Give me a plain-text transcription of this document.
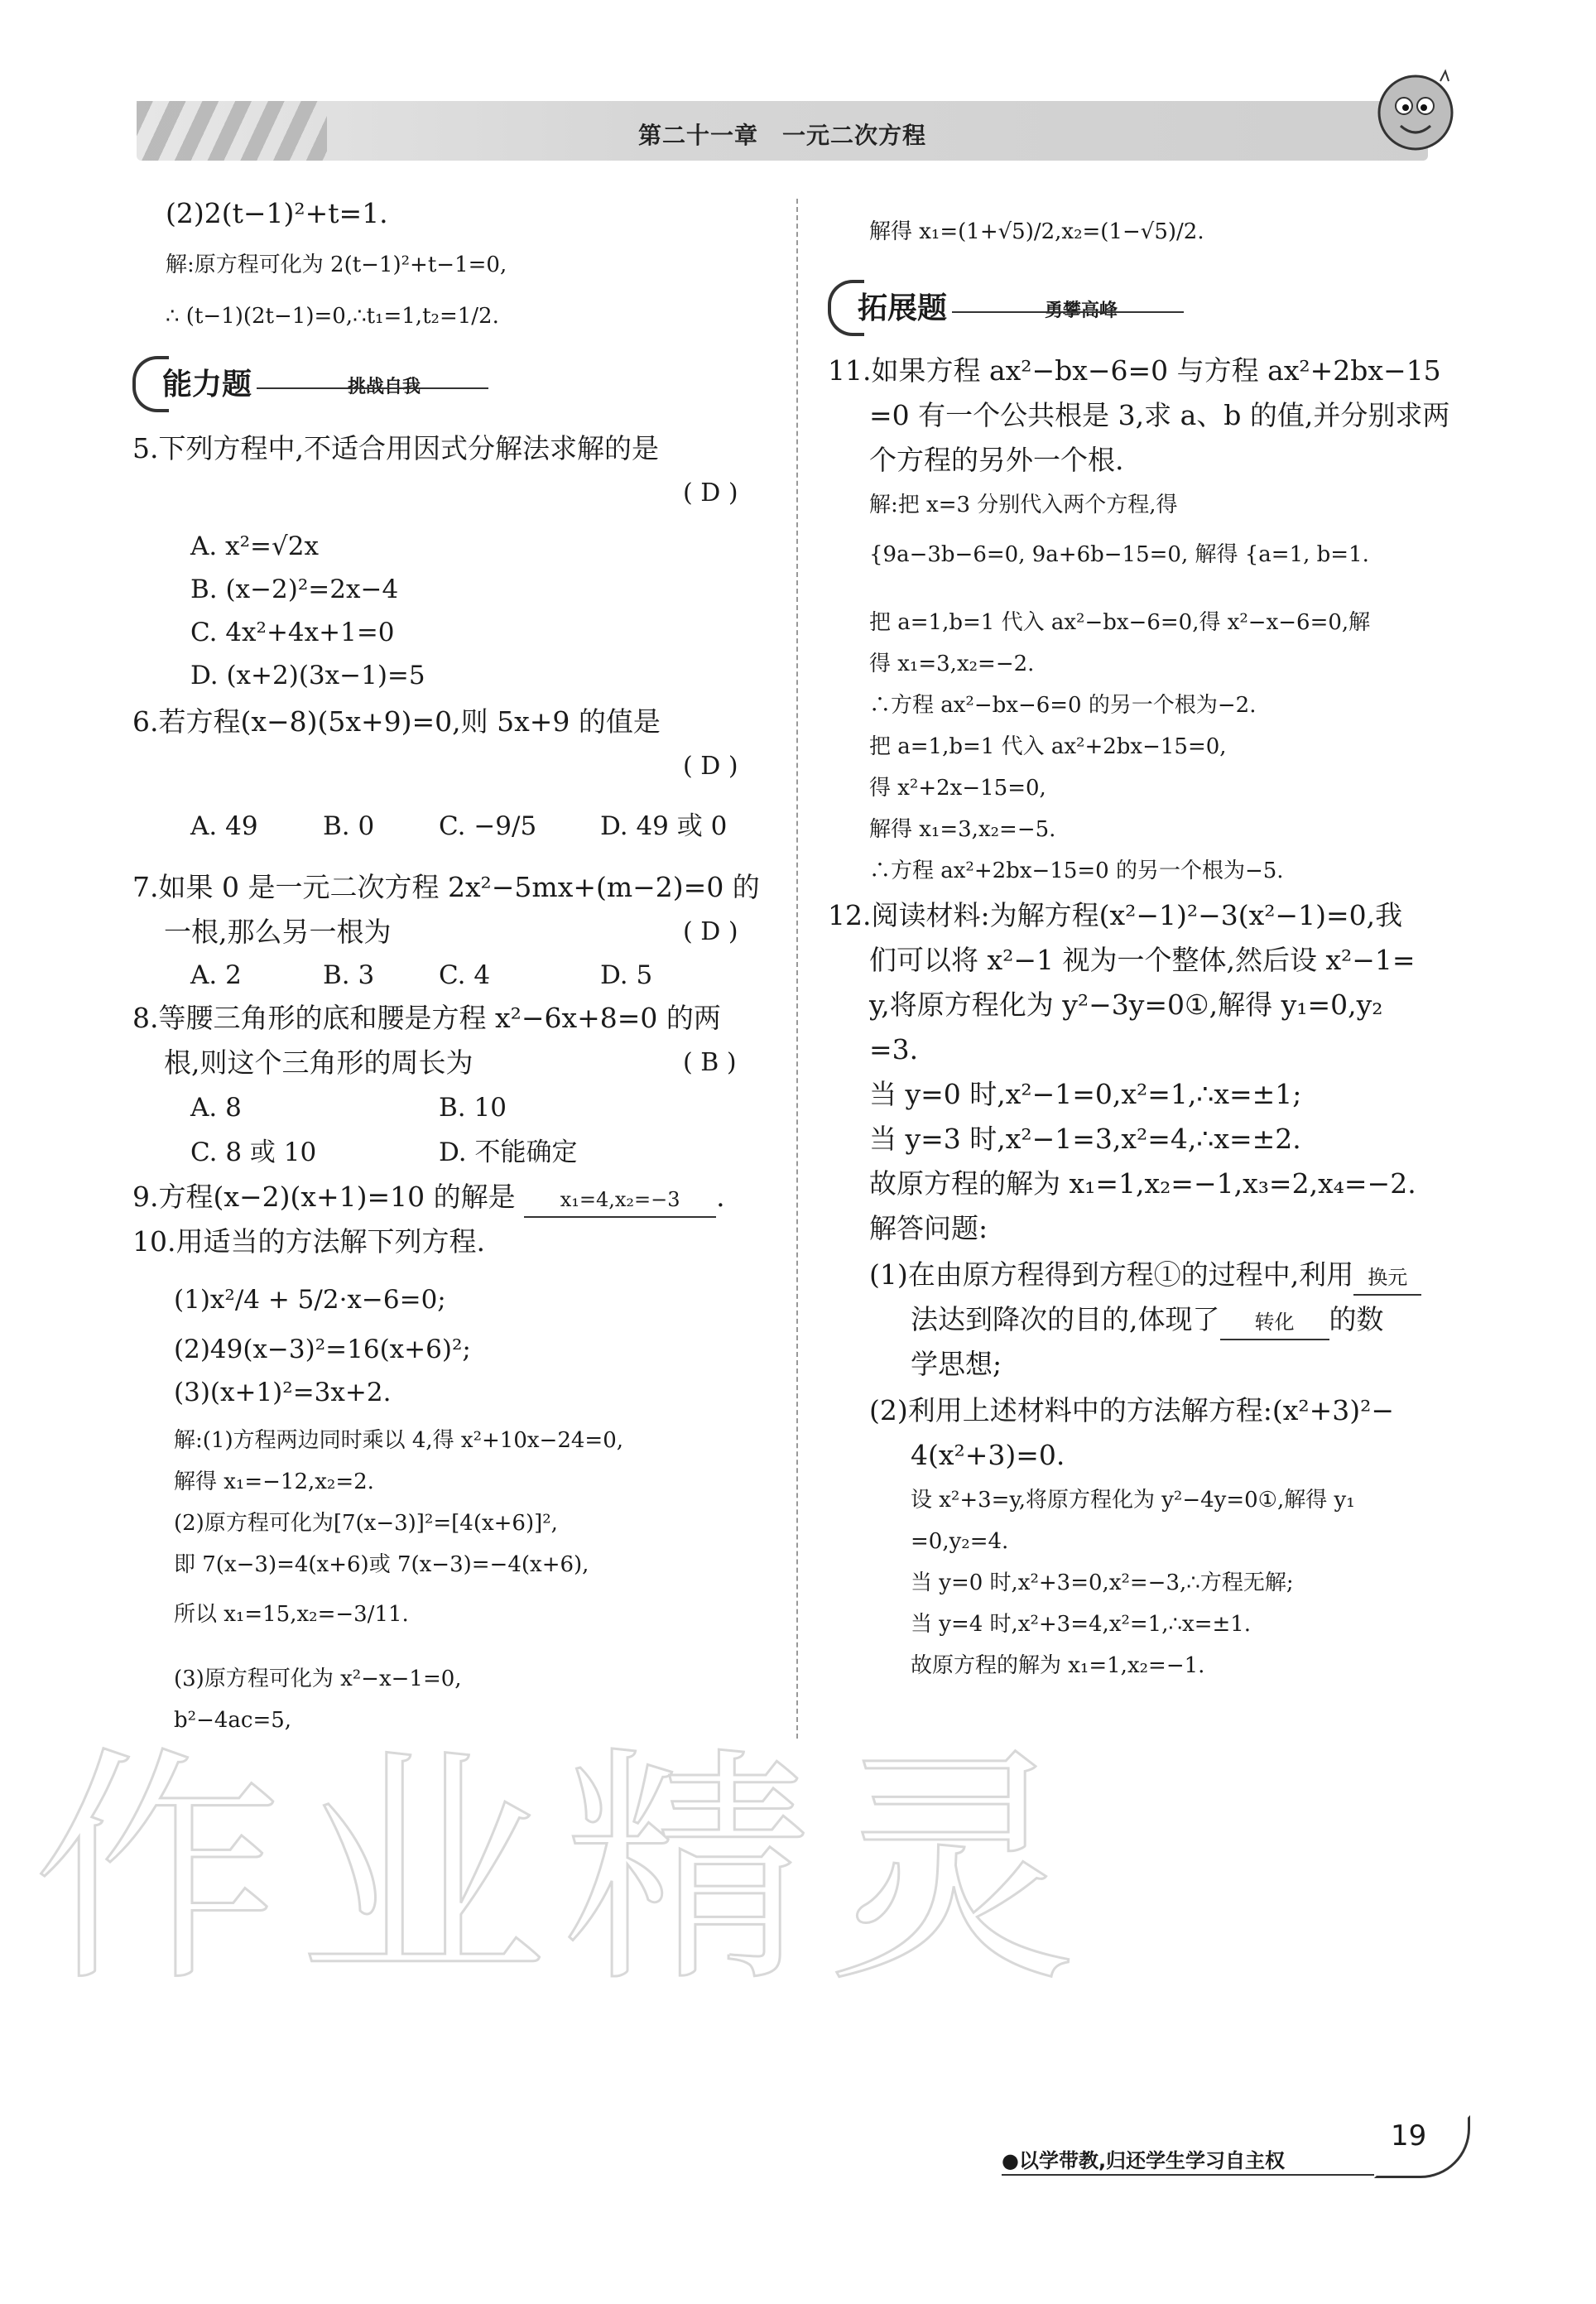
第二十一章　一元二次方程
(2)2(t−1)²+t=1.
解:原方程可化为 2(t−1)²+t−1=0,
∴ (t−1)(2t−1)=0,∴t₁=1,t₂=1/2.
能力题	挑战自我
5.下列方程中,不适合用因式分解法求解的是
( D )
A. x²=√2x
B. (x−2)²=2x−4
C. 4x²+4x+1=0
D. (x+2)(3x−1)=5
6.若方程(x−8)(5x+9)=0,则 5x+9 的值是
( D )
A. 49	B. 0	C. −9/5 D. 49 或 0
7.如果 0 是一元二次方程 2x²−5mx+(m−2)=0 的
一根,那么另一根为	( D )
A. 2	B. 3	C. 4	D. 5
8.等腰三角形的底和腰是方程 x²−6x+8=0 的两
根,则这个三角形的周长为	( B )
A. 8	B. 10
C. 8 或 10	D. 不能确定
9.方程(x−2)(x+1)=10 的解是 x₁=4,x₂=−3 .
10.用适当的方法解下列方程.
(1)x²/4 + 5/2·x−6=0;
(2)49(x−3)²=16(x+6)²;
(3)(x+1)²=3x+2.
解:(1)方程两边同时乘以 4,得 x²+10x−24=0,
解得 x₁=−12,x₂=2.
(2)原方程可化为[7(x−3)]²=[4(x+6)]²,
即 7(x−3)=4(x+6)或 7(x−3)=−4(x+6),
所以 x₁=15,x₂=−3/11.
(3)原方程可化为 x²−x−1=0,
b²−4ac=5,
解得 x₁=(1+√5)/2,x₂=(1−√5)/2.
拓展题	勇攀高峰
11.如果方程 ax²−bx−6=0 与方程 ax²+2bx−15
=0 有一个公共根是 3,求 a、b 的值,并分别求两
个方程的另外一个根.
解:把 x=3 分别代入两个方程,得
{9a−3b−6=0, 9a+6b−15=0, 解得 {a=1, b=1.
把 a=1,b=1 代入 ax²−bx−6=0,得 x²−x−6=0,解
得 x₁=3,x₂=−2.
∴方程 ax²−bx−6=0 的另一个根为−2.
把 a=1,b=1 代入 ax²+2bx−15=0,
得 x²+2x−15=0,
解得 x₁=3,x₂=−5.
∴方程 ax²+2bx−15=0 的另一个根为−5.
12.阅读材料:为解方程(x²−1)²−3(x²−1)=0,我
们可以将 x²−1 视为一个整体,然后设 x²−1=
y,将原方程化为 y²−3y=0①,解得 y₁=0,y₂
=3.
当 y=0 时,x²−1=0,x²=1,∴x=±1;
当 y=3 时,x²−1=3,x²=4,∴x=±2.
故原方程的解为 x₁=1,x₂=−1,x₃=2,x₄=−2.
解答问题:
(1)在由原方程得到方程①的过程中,利用 换元
法达到降次的目的,体现了 转化 的数
学思想;
(2)利用上述材料中的方法解方程:(x²+3)²−
4(x²+3)=0.
设 x²+3=y,将原方程化为 y²−4y=0①,解得 y₁
=0,y₂=4.
当 y=0 时,x²+3=0,x²=−3,∴方程无解;
当 y=4 时,x²+3=4,x²=1,∴x=±1.
故原方程的解为 x₁=1,x₂=−1.
作业精灵
●以学带教,归还学生学习自主权
19
